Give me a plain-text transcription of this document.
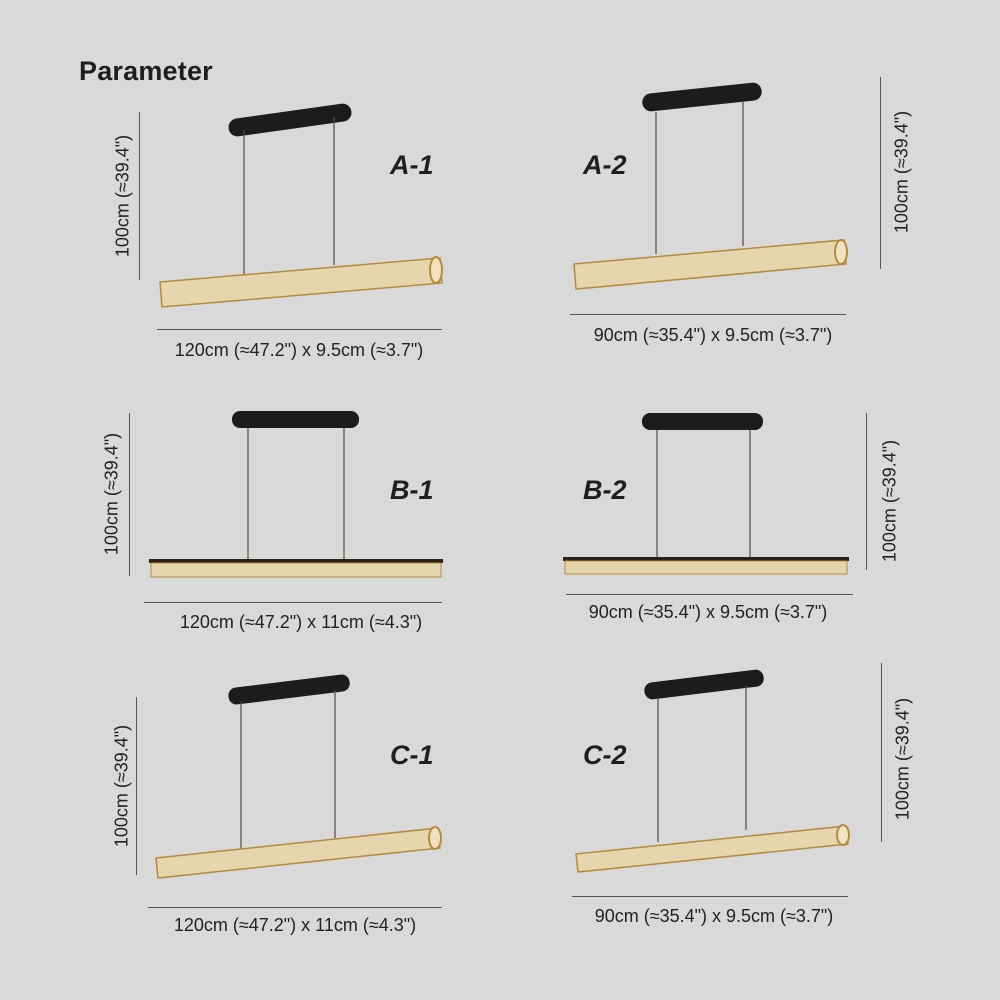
Parameter
100cm (≈39.4")	A-1
120cm (≈47.2") x 9.5cm (≈3.7")
100cm (≈39.4")
A-2
90cm (≈35.4") x 9.5cm (≈3.7")
100cm (≈39.4")	B-1
120cm (≈47.2") x 11cm (≈4.3")
100cm (≈39.4")
B-2
90cm (≈35.4") x 9.5cm (≈3.7")
100cm (≈39.4")	C-1
120cm (≈47.2") x 11cm (≈4.3")
100cm (≈39.4")
C-2
90cm (≈35.4") x 9.5cm (≈3.7")
